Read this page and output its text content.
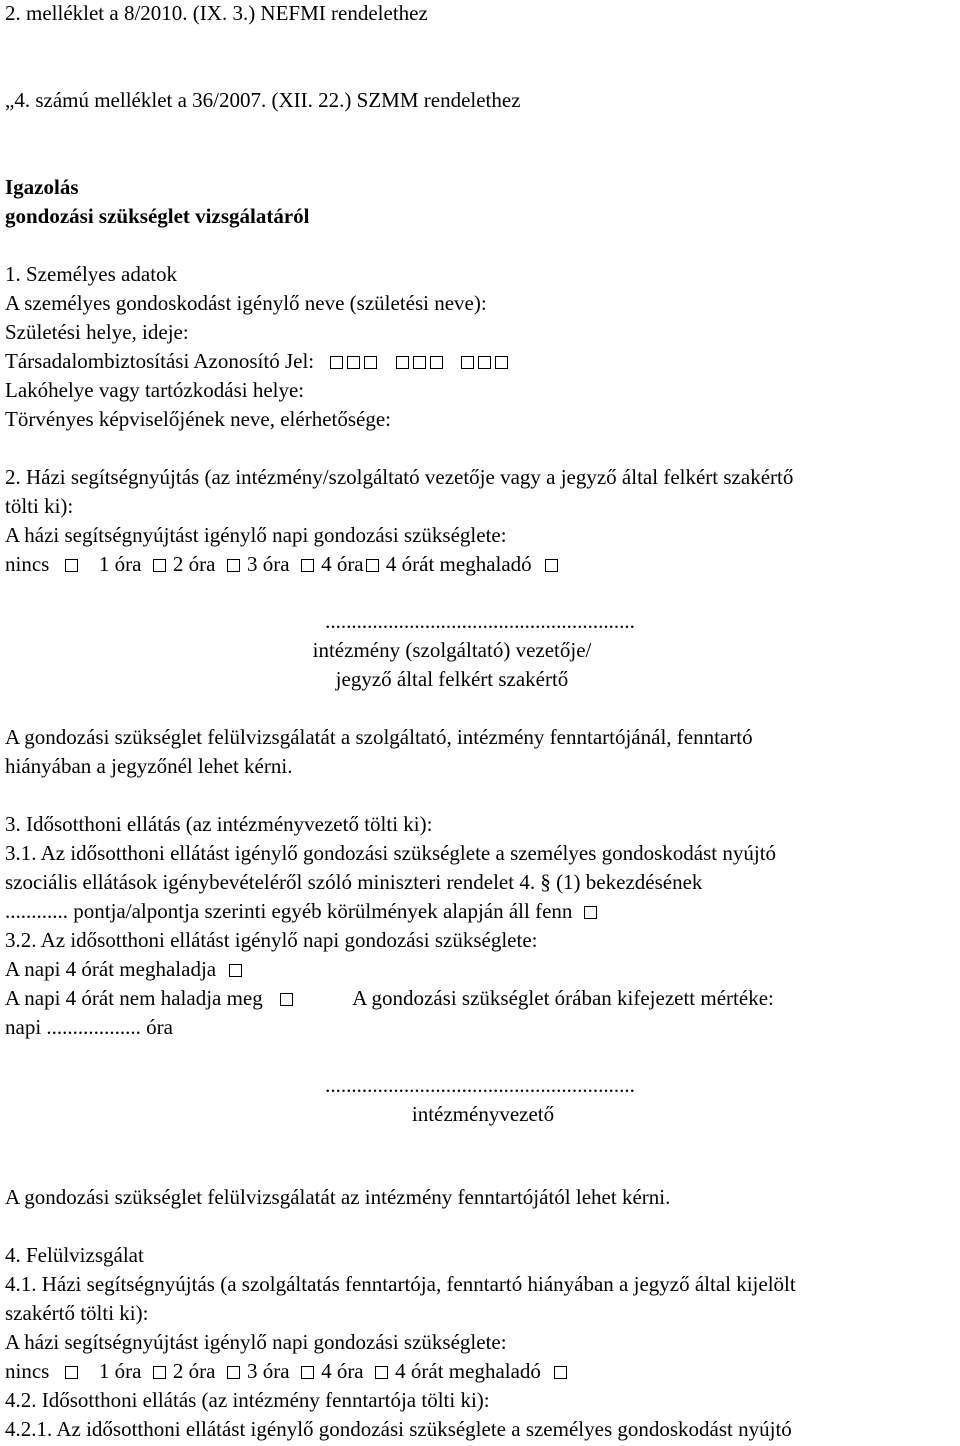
2. melléklet a 8/2010. (IX. 3.) NEFMI rendelethez
„4. számú melléklet a 36/2007. (XII. 22.) SZMM rendelethez
Igazolás
gondozási szükséglet vizsgálatáról
1. Személyes adatok
A személyes gondoskodást igénylő neve (születési neve):
Születési helye, ideje:
Társadalombiztosítási Azonosító Jel:
Lakóhelye vagy tartózkodási helye:
Törvényes képviselőjének neve, elérhetősége:
2. Házi segítségnyújtás (az intézmény/szolgáltató vezetője vagy a jegyző által felkért szakértő
tölti ki):
A házi segítségnyújtást igénylő napi gondozási szükséglete:
nincs 1 óra 2 óra 3 óra 4 óra 4 órát meghaladó
...........................................................
intézmény (szolgáltató) vezetője/
jegyző által felkért szakértő
A gondozási szükséglet felülvizsgálatát a szolgáltató, intézmény fenntartójánál, fenntartó
hiányában a jegyzőnél lehet kérni.
3. Idősotthoni ellátás (az intézményvezető tölti ki):
3.1. Az idősotthoni ellátást igénylő gondozási szükséglete a személyes gondoskodást nyújtó
szociális ellátások igénybevételéről szóló miniszteri rendelet 4. § (1) bekezdésének
............ pontja/alpontja szerinti egyéb körülmények alapján áll fenn
3.2. Az idősotthoni ellátást igénylő napi gondozási szükséglete:
A napi 4 órát meghaladja
A napi 4 órát nem haladja meg	A gondozási szükséglet órában kifejezett mértéke:
napi .................. óra
...........................................................
intézményvezető
A gondozási szükséglet felülvizsgálatát az intézmény fenntartójától lehet kérni.
4. Felülvizsgálat
4.1. Házi segítségnyújtás (a szolgáltatás fenntartója, fenntartó hiányában a jegyző által kijelölt
szakértő tölti ki):
A házi segítségnyújtást igénylő napi gondozási szükséglete:
nincs 1 óra 2 óra 3 óra 4 óra 4 órát meghaladó
4.2. Idősotthoni ellátás (az intézmény fenntartója tölti ki):
4.2.1. Az idősotthoni ellátást igénylő gondozási szükséglete a személyes gondoskodást nyújtó
